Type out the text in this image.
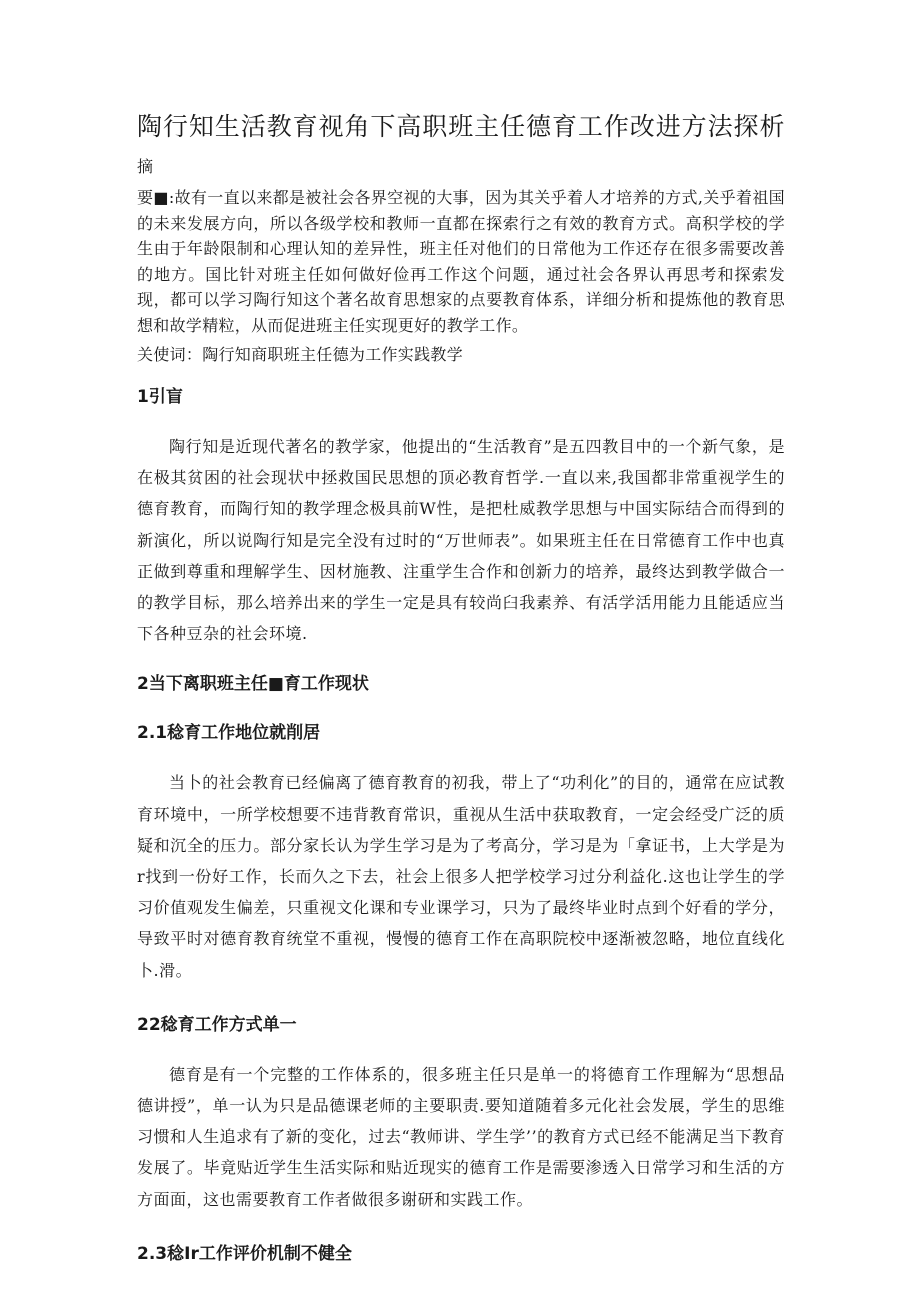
陶行知生活教育视角下高职班主任德育工作改进方法探析摘

要■:故有一直以来都是被社会各界空视的大事，因为其关乎着人才培养的方式,关乎着祖国的未来发展方向，所以各级学校和教师一直都在探索行之有效的教育方式。高积学校的学生由于年龄限制和心理认知的差异性，班主任对他们的日常他为工作还存在很多需要改善的地方。国比针对班主任如何做好俭再工作这个问题，通过社会各界认再思考和探索发现，都可以学习陶行知这个著名故育思想家的点要教育体系，详细分析和提炼他的教育思想和故学精粒，从而促进班主任实现更好的教学工作。

关使词：陶行知商职班主任德为工作实践教学

1引盲

陶行知是近现代著名的教学家，他提出的“生活教育”是五四教目中的一个新气象，是在极其贫困的社会现状中拯救国民思想的顶必教育哲学.一直以来,我国都非常重视学生的德育教育，而陶行知的教学理念极具前W性，是把杜威教学思想与中国实际结合而得到的新演化，所以说陶行知是完全没有过时的“万世师表”。如果班主任在日常德育工作中也真正做到尊重和理解学生、因材施教、注重学生合作和创新力的培养，最终达到教学做合一的教学目标，那么培养出来的学生一定是具有较尚臼我素养、有活学活用能力且能适应当下各种豆杂的社会环境.

2当下离职班主任■育工作现状
2.1稔育工作地位就削居

当卜的社会教育已经偏离了德育教育的初我，带上了“功利化”的目的，通常在应试教育环境中，一所学校想要不违背教育常识，重视从生活中获取教育，一定会经受广泛的质疑和沉全的压力。部分家长认为学生学习是为了考高分，学习是为「拿证书，上大学是为r找到一份好工作，长而久之下去，社会上很多人把学校学习过分利益化.这也让学生的学习价值观发生偏差，只重视文化课和专业课学习，只为了最终毕业时点到个好看的学分，导致平时对德育教育统堂不重视，慢慢的德育工作在高职院校中逐渐被忽略，地位直线化卜.滑。

22稔育工作方式单一

德育是有一个完整的工作体系的，很多班主任只是单一的将德育工作理解为“思想品德讲授”，单一认为只是品德课老师的主要职责.要知道随着多元化社会发展，学生的思维习惯和人生追求有了新的变化，过去“教师讲、学生学’’的教育方式已经不能满足当下教育发展了。毕竟贴近学生生活实际和贴近现实的德育工作是需要渗透入日常学习和生活的方方面面，这也需要教育工作者做很多谢研和实践工作。

2.3稔Ir工作评价机制不健全
